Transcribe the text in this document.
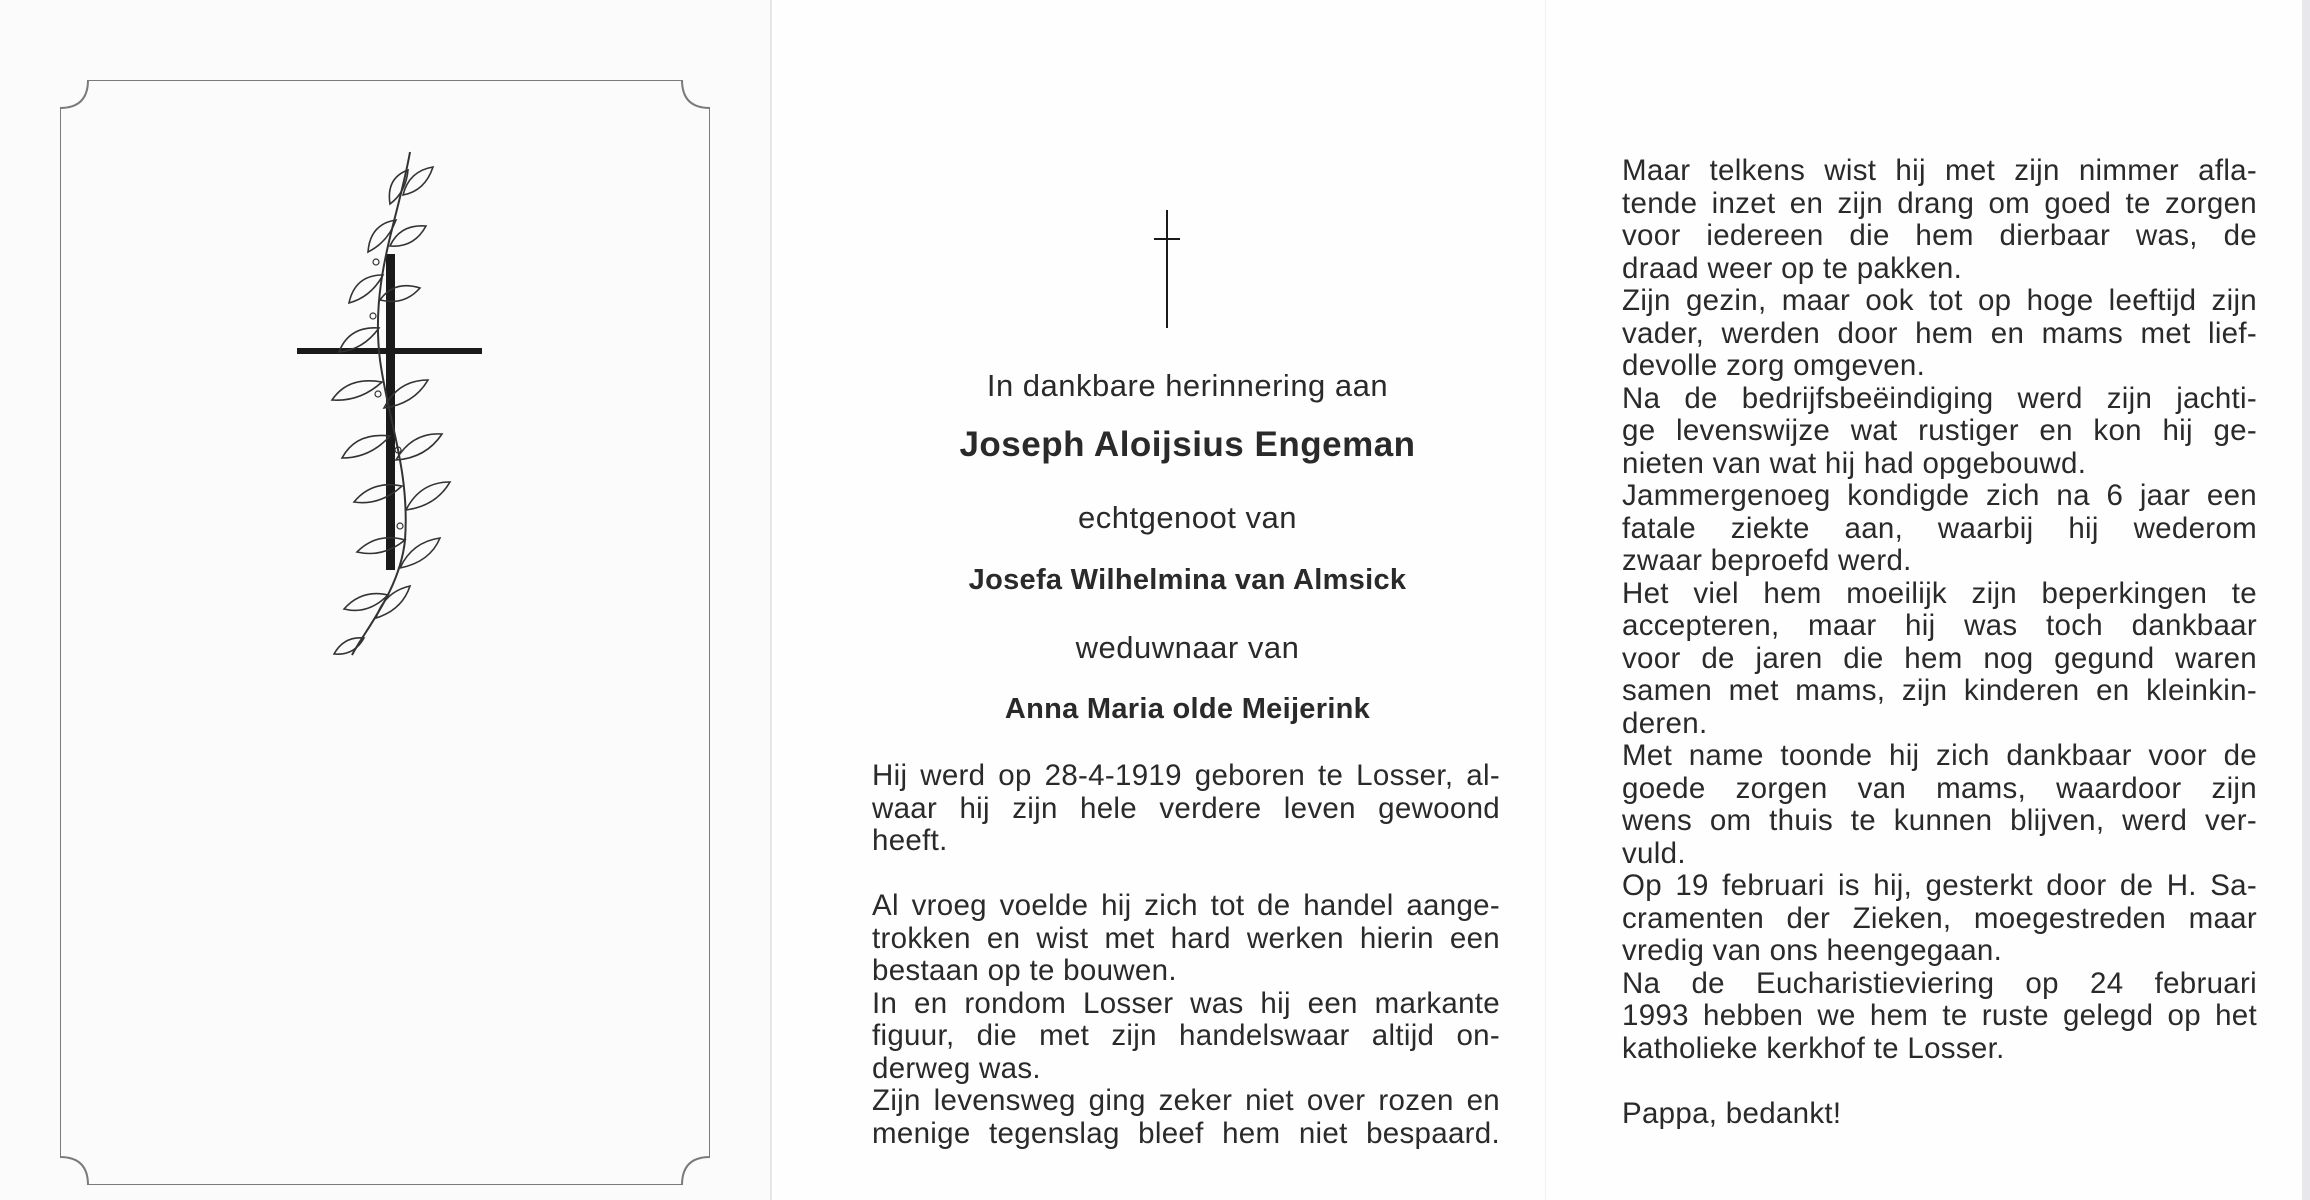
In dankbare herinnering aan
Joseph Aloijsius Engeman
echtgenoot van
Josefa Wilhelmina van Almsick
weduwnaar van
Anna Maria olde Meijerink
Hij werd op 28-4-1919 geboren te Losser, al-
waar hij zijn hele verdere leven gewoond
heeft.
Al vroeg voelde hij zich tot de handel aange-
trokken en wist met hard werken hierin een
bestaan op te bouwen.
In en rondom Losser was hij een markante
figuur, die met zijn handelswaar altijd on-
derweg was.
Zijn levensweg ging zeker niet over rozen en
menige tegenslag bleef hem niet bespaard.
Maar telkens wist hij met zijn nimmer afla-
tende inzet en zijn drang om goed te zorgen
voor iedereen die hem dierbaar was, de
draad weer op te pakken.
Zijn gezin, maar ook tot op hoge leeftijd zijn
vader, werden door hem en mams met lief-
devolle zorg omgeven.
Na de bedrijfsbeëindiging werd zijn jachti-
ge levenswijze wat rustiger en kon hij ge-
nieten van wat hij had opgebouwd.
Jammergenoeg kondigde zich na 6 jaar een
fatale ziekte aan, waarbij hij wederom
zwaar beproefd werd.
Het viel hem moeilijk zijn beperkingen te
accepteren, maar hij was toch dankbaar
voor de jaren die hem nog gegund waren
samen met mams, zijn kinderen en kleinkin-
deren.
Met name toonde hij zich dankbaar voor de
goede zorgen van mams, waardoor zijn
wens om thuis te kunnen blijven, werd ver-
vuld.
Op 19 februari is hij, gesterkt door de H. Sa-
cramenten der Zieken, moegestreden maar
vredig van ons heengegaan.
Na de Eucharistieviering op 24 februari
1993 hebben we hem te ruste gelegd op het
katholieke kerkhof te Losser.
Pappa, bedankt!
